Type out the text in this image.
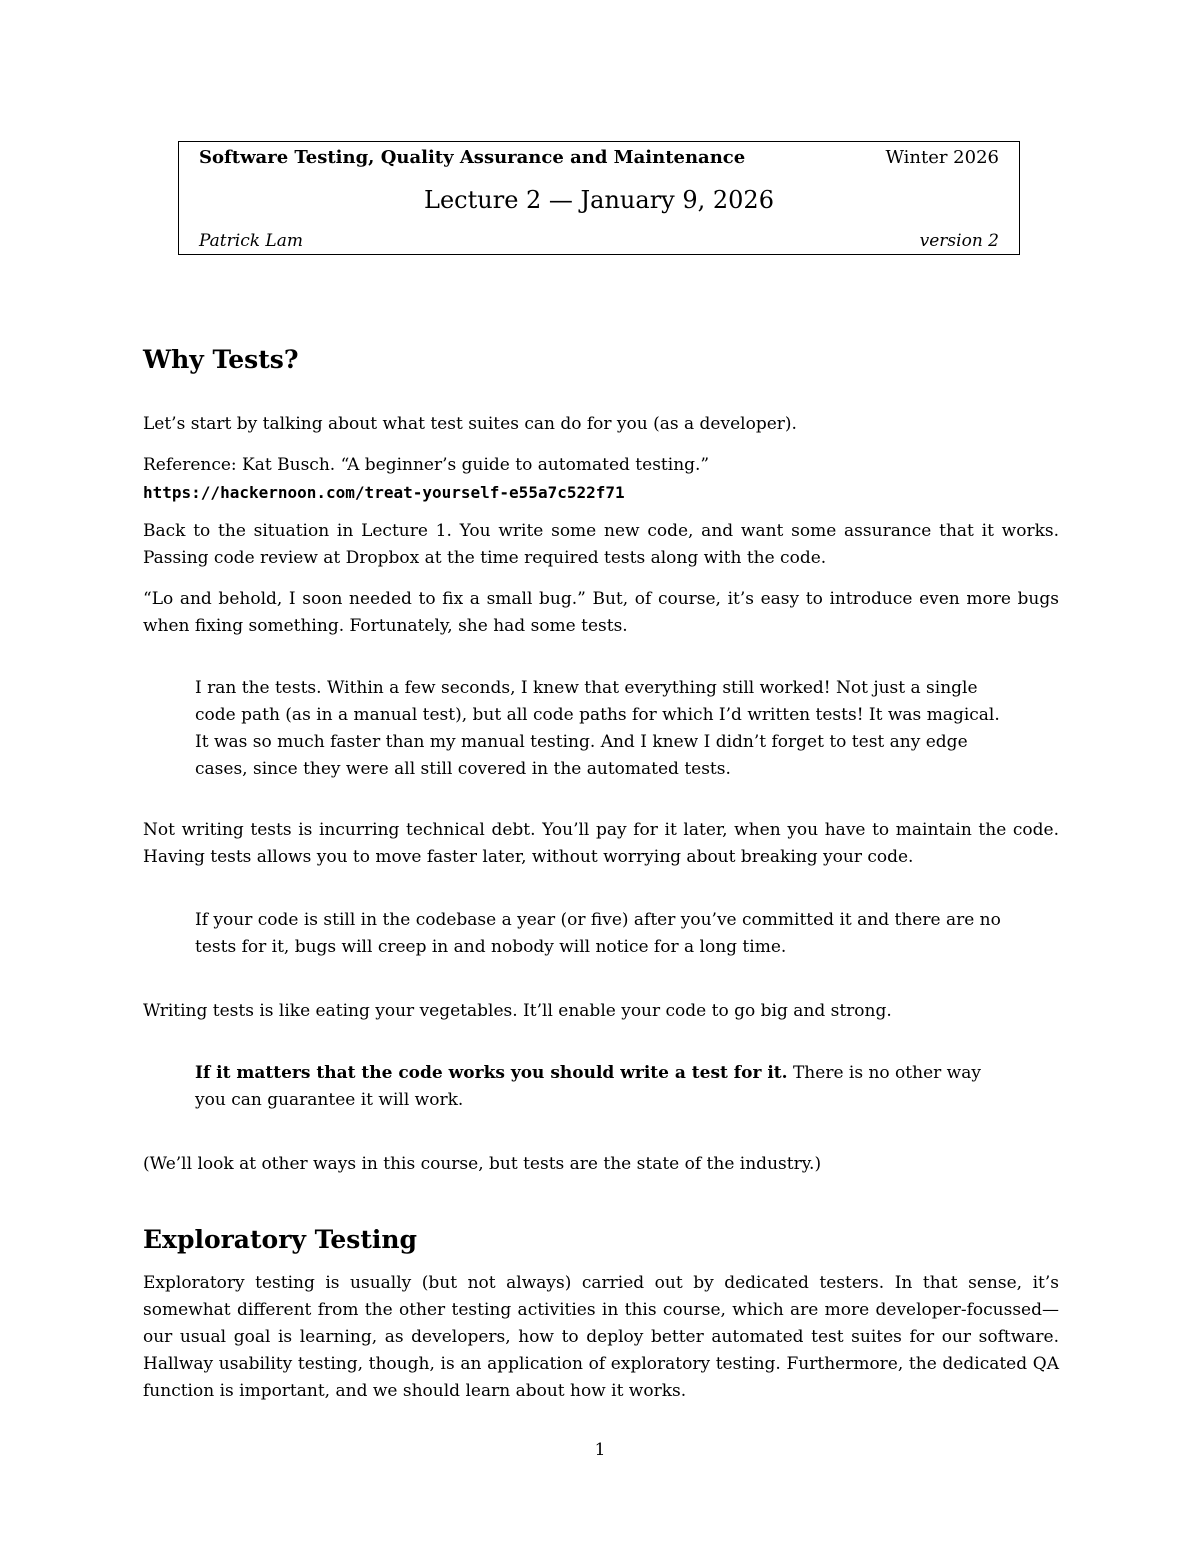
Software Testing, Quality Assurance and Maintenance	Winter 2026
Lecture 2 — January 9, 2026
Patrick Lam	version 2
Why Tests?

Let’s start by talking about what test suites can do for you (as a developer).

Reference: Kat Busch. “A beginner’s guide to automated testing.”
https://hackernoon.com/treat-yourself-e55a7c522f71

Back to the situation in Lecture 1. You write some new code, and want some assurance that it works. Passing code review at Dropbox at the time required tests along with the code.

“Lo and behold, I soon needed to fix a small bug.” But, of course, it’s easy to introduce even more bugs when fixing something. Fortunately, she had some tests.

I ran the tests. Within a few seconds, I knew that everything still worked! Not just a single code path (as in a manual test), but all code paths for which I’d written tests! It was magical. It was so much faster than my manual testing. And I knew I didn’t forget to test any edge cases, since they were all still covered in the automated tests.

Not writing tests is incurring technical debt. You’ll pay for it later, when you have to maintain the code. Having tests allows you to move faster later, without worrying about breaking your code.

If your code is still in the codebase a year (or five) after you’ve committed it and there are no tests for it, bugs will creep in and nobody will notice for a long time.

Writing tests is like eating your vegetables. It’ll enable your code to go big and strong.

If it matters that the code works you should write a test for it. There is no other way you can guarantee it will work.

(We’ll look at other ways in this course, but tests are the state of the industry.)

Exploratory Testing

Exploratory testing is usually (but not always) carried out by dedicated testers. In that sense, it’s somewhat different from the other testing activities in this course, which are more developer-focussed—our usual goal is learning, as developers, how to deploy better automated test suites for our software. Hallway usability testing, though, is an application of exploratory testing. Furthermore, the dedicated QA function is important, and we should learn about how it works.

1
